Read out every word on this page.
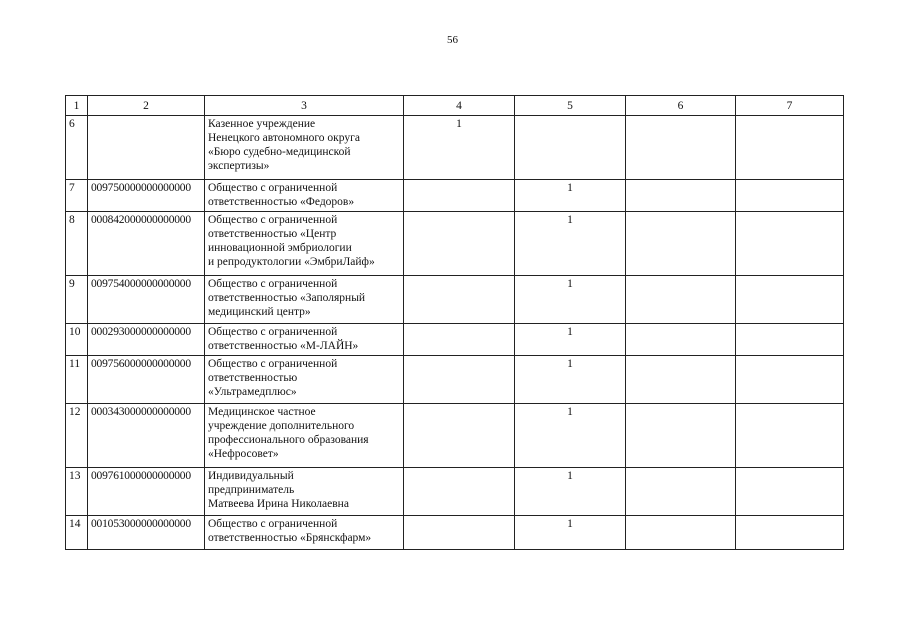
56
1	2	3	4	5	6	7
6		Казенное учреждение
Ненецкого автономного округа
«Бюро судебно-медицинской
экспертизы»	1			
7	009750000000000000	Общество с ограниченной
ответственностью «Федоров»		1		
8	000842000000000000	Общество с ограниченной
ответственностью «Центр
инновационной эмбриологии
и репродуктологии «ЭмбриЛайф»		1		
9	009754000000000000	Общество с ограниченной
ответственностью «Заполярный
медицинский центр»		1		
10	000293000000000000	Общество с ограниченной
ответственностью «М-ЛАЙН»		1		
11	009756000000000000	Общество с ограниченной
ответственностью
«Ультрамедплюс»		1		
12	000343000000000000	Медицинское частное
учреждение дополнительного
профессионального образования
«Нефросовет»		1		
13	009761000000000000	Индивидуальный
предприниматель
Матвеева Ирина Николаевна		1		
14	001053000000000000	Общество с ограниченной
ответственностью «Брянскфарм»		1		
